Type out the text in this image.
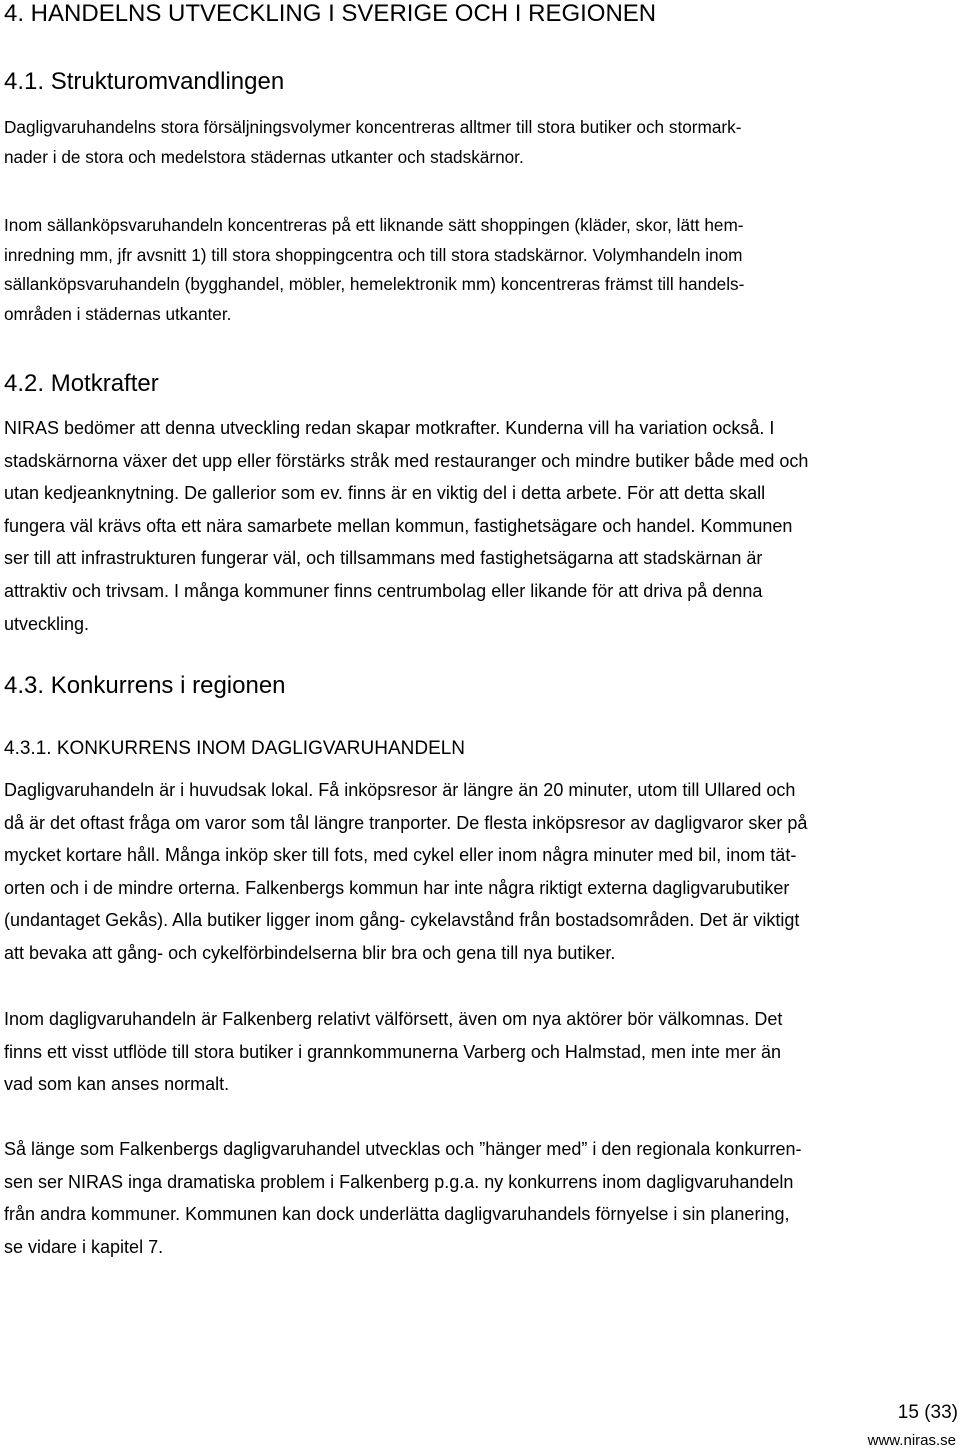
4. HANDELNS UTVECKLING I SVERIGE OCH I REGIONEN
4.1. Strukturomvandlingen
Dagligvaruhandelns stora försäljningsvolymer koncentreras alltmer till stora butiker och stormark-
nader i de stora och medelstora städernas utkanter och stadskärnor.
Inom sällanköpsvaruhandeln koncentreras på ett liknande sätt shoppingen (kläder, skor, lätt hem-
inredning mm, jfr avsnitt 1) till stora shoppingcentra och till stora stadskärnor. Volymhandeln inom
sällanköpsvaruhandeln (bygghandel, möbler, hemelektronik mm) koncentreras främst till handels-
områden i städernas utkanter.
4.2. Motkrafter
NIRAS bedömer att denna utveckling redan skapar motkrafter. Kunderna vill ha variation också. I
stadskärnorna växer det upp eller förstärks stråk med restauranger och mindre butiker både med och
utan kedjeanknytning. De gallerior som ev. finns är en viktig del i detta arbete. För att detta skall
fungera väl krävs ofta ett nära samarbete mellan kommun, fastighetsägare och handel. Kommunen
ser till att infrastrukturen fungerar väl, och tillsammans med fastighetsägarna att stadskärnan är
attraktiv och trivsam. I många kommuner finns centrumbolag eller likande för att driva på denna
utveckling.
4.3. Konkurrens i regionen
4.3.1. KONKURRENS INOM DAGLIGVARUHANDELN
Dagligvaruhandeln är i huvudsak lokal. Få inköpsresor är längre än 20 minuter, utom till Ullared och
då är det oftast fråga om varor som tål längre tranporter. De flesta inköpsresor av dagligvaror sker på
mycket kortare håll. Många inköp sker till fots, med cykel eller inom några minuter med bil, inom tät-
orten och i de mindre orterna. Falkenbergs kommun har inte några riktigt externa dagligvarubutiker
(undantaget Gekås). Alla butiker ligger inom gång- cykelavstånd från bostadsområden. Det är viktigt
att bevaka att gång- och cykelförbindelserna blir bra och gena till nya butiker.
Inom dagligvaruhandeln är Falkenberg relativt välförsett, även om nya aktörer bör välkomnas. Det
finns ett visst utflöde till stora butiker i grannkommunerna Varberg och Halmstad, men inte mer än
vad som kan anses normalt.
Så länge som Falkenbergs dagligvaruhandel utvecklas och ”hänger med” i den regionala konkurren-
sen ser NIRAS inga dramatiska problem i Falkenberg p.g.a. ny konkurrens inom dagligvaruhandeln
från andra kommuner. Kommunen kan dock underlätta dagligvaruhandels förnyelse i sin planering,
se vidare i kapitel 7.
15 (33)
www.niras.se
